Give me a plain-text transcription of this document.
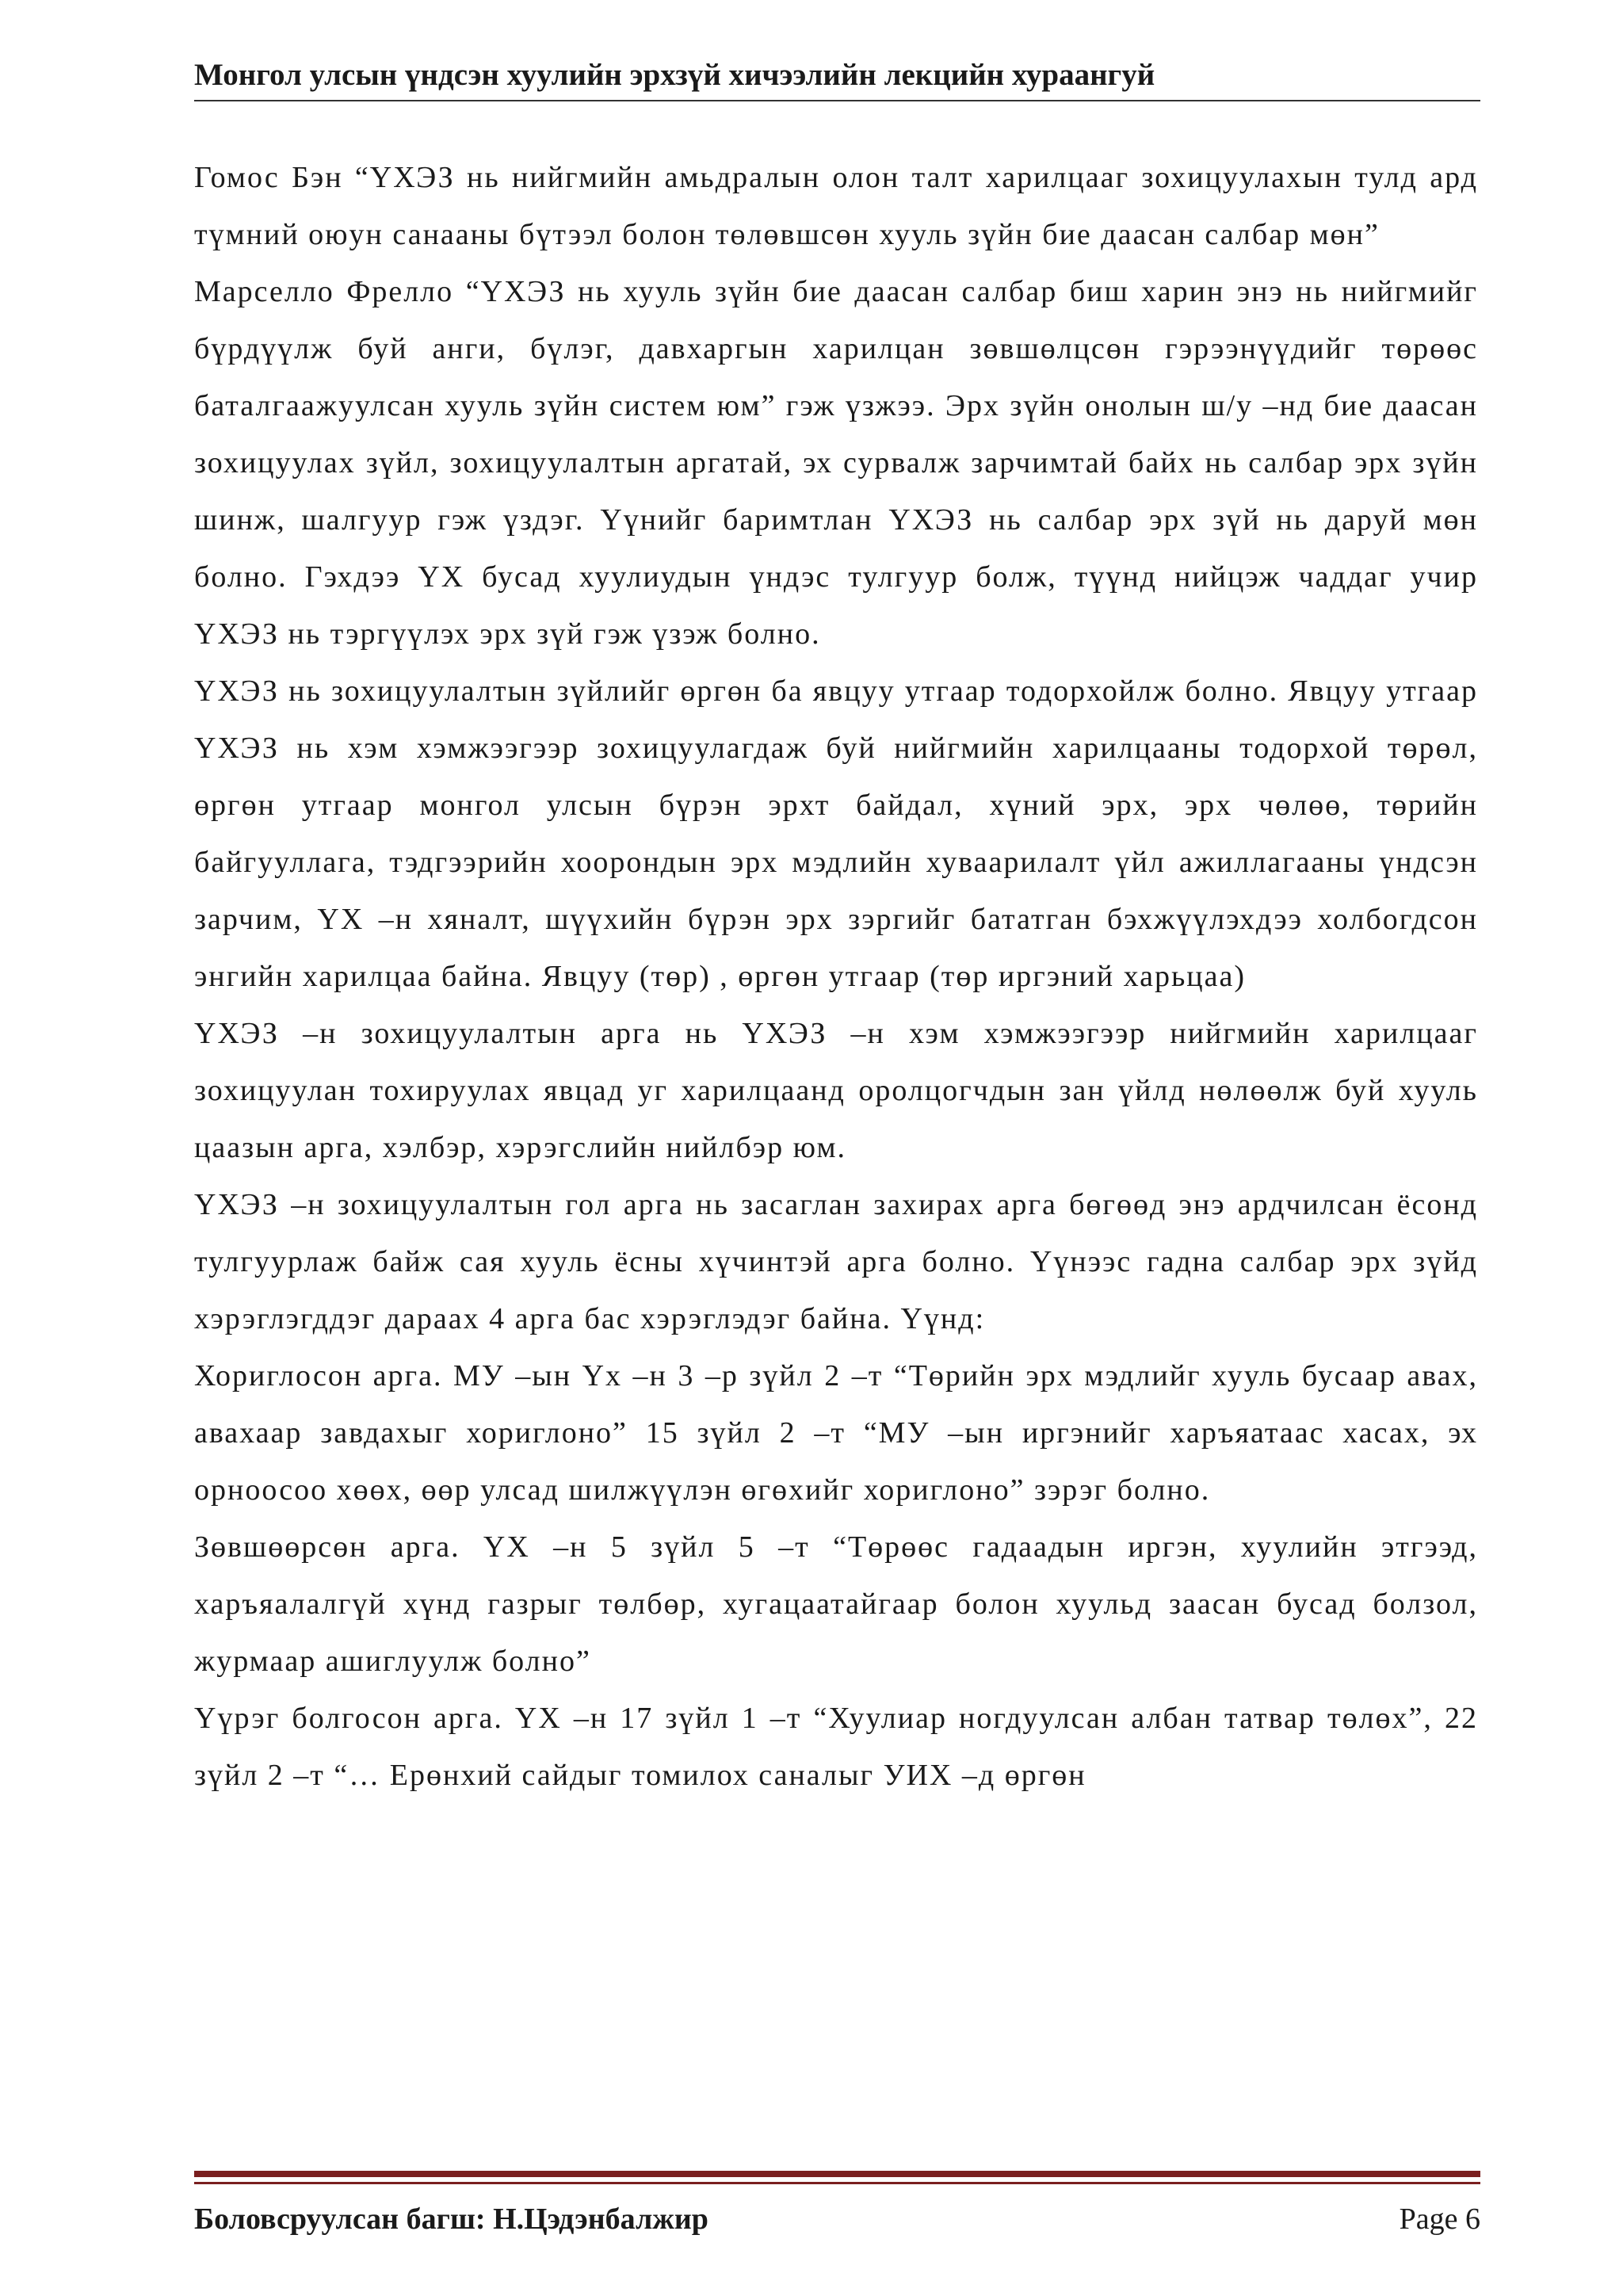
Монгол улсын үндсэн хуулийн эрхзүй хичээлийн лекцийн хураангуй

Гомос Бэн “ҮХЭЗ нь нийгмийн амьдралын олон талт харилцааг зохицуулахын тулд ард түмний оюун санааны бүтээл болон төлөвшсөн хууль зүйн бие даасан салбар мөн”

Марселло Фрелло “ҮХЭЗ нь хууль зүйн бие даасан салбар биш харин энэ нь нийгмийг бүрдүүлж буй анги, бүлэг, давхаргын харилцан зөвшөлцсөн гэрээнүүдийг төрөөс баталгаажуулсан хууль зүйн систем юм” гэж үзжээ. Эрх зүйн онолын ш/у –нд бие даасан зохицуулах зүйл, зохицуулалтын аргатай, эх сурвалж зарчимтай байх нь салбар эрх зүйн шинж, шалгуур гэж үздэг. Үүнийг баримтлан ҮХЭЗ нь салбар эрх зүй нь даруй мөн болно. Гэхдээ ҮХ бусад хуулиудын үндэс тулгуур болж, түүнд нийцэж чаддаг учир ҮХЭЗ нь тэргүүлэх эрх зүй гэж үзэж болно.

ҮХЭЗ нь зохицуулалтын зүйлийг өргөн ба явцуу утгаар тодорхойлж болно. Явцуу утгаар ҮХЭЗ нь хэм хэмжээгээр зохицуулагдаж буй нийгмийн харилцааны тодорхой төрөл, өргөн утгаар монгол улсын бүрэн эрхт байдал, хүний эрх, эрх чөлөө, төрийн байгууллага, тэдгээрийн хоорондын эрх мэдлийн хуваарилалт үйл ажиллагааны үндсэн зарчим, ҮХ –н хяналт, шүүхийн бүрэн эрх зэргийг бататган бэхжүүлэхдээ холбогдсон энгийн харилцаа байна. Явцуу (төр) , өргөн утгаар (төр иргэний харьцаа)

ҮХЭЗ –н зохицуулалтын арга нь ҮХЭЗ –н хэм хэмжээгээр нийгмийн харилцааг зохицуулан тохируулах явцад уг харилцаанд оролцогчдын зан үйлд нөлөөлж буй хууль цаазын арга, хэлбэр, хэрэгслийн нийлбэр юм.

ҮХЭЗ –н зохицуулалтын гол арга нь засаглан захирах арга бөгөөд энэ ардчилсан ёсонд тулгуурлаж байж сая хууль ёсны хүчинтэй арга болно. Үүнээс гадна салбар эрх зүйд хэрэглэгддэг дараах 4 арга бас хэрэглэдэг байна. Үүнд:

Хориглосон арга. МУ –ын Үх –н 3 –р зүйл 2 –т “Төрийн эрх мэдлийг хууль бусаар авах, авахаар завдахыг хориглоно” 15 зүйл 2 –т “МУ –ын иргэнийг харъяатаас хасах, эх орноосоо хөөх, өөр улсад шилжүүлэн өгөхийг хориглоно” зэрэг болно.

Зөвшөөрсөн арга. ҮХ –н 5 зүйл 5 –т “Төрөөс гадаадын иргэн, хуулийн этгээд, харъяалалгүй хүнд газрыг төлбөр, хугацаатайгаар болон хуульд заасан бусад болзол, журмаар ашиглуулж болно”

Үүрэг болгосон арга. ҮХ –н 17 зүйл 1 –т “Хуулиар ногдуулсан албан татвар төлөх”, 22 зүйл 2 –т “… Ерөнхий сайдыг томилох саналыг УИХ –д өргөн

Боловсруулсан багш: Н.Цэдэнбалжир	Page 6
